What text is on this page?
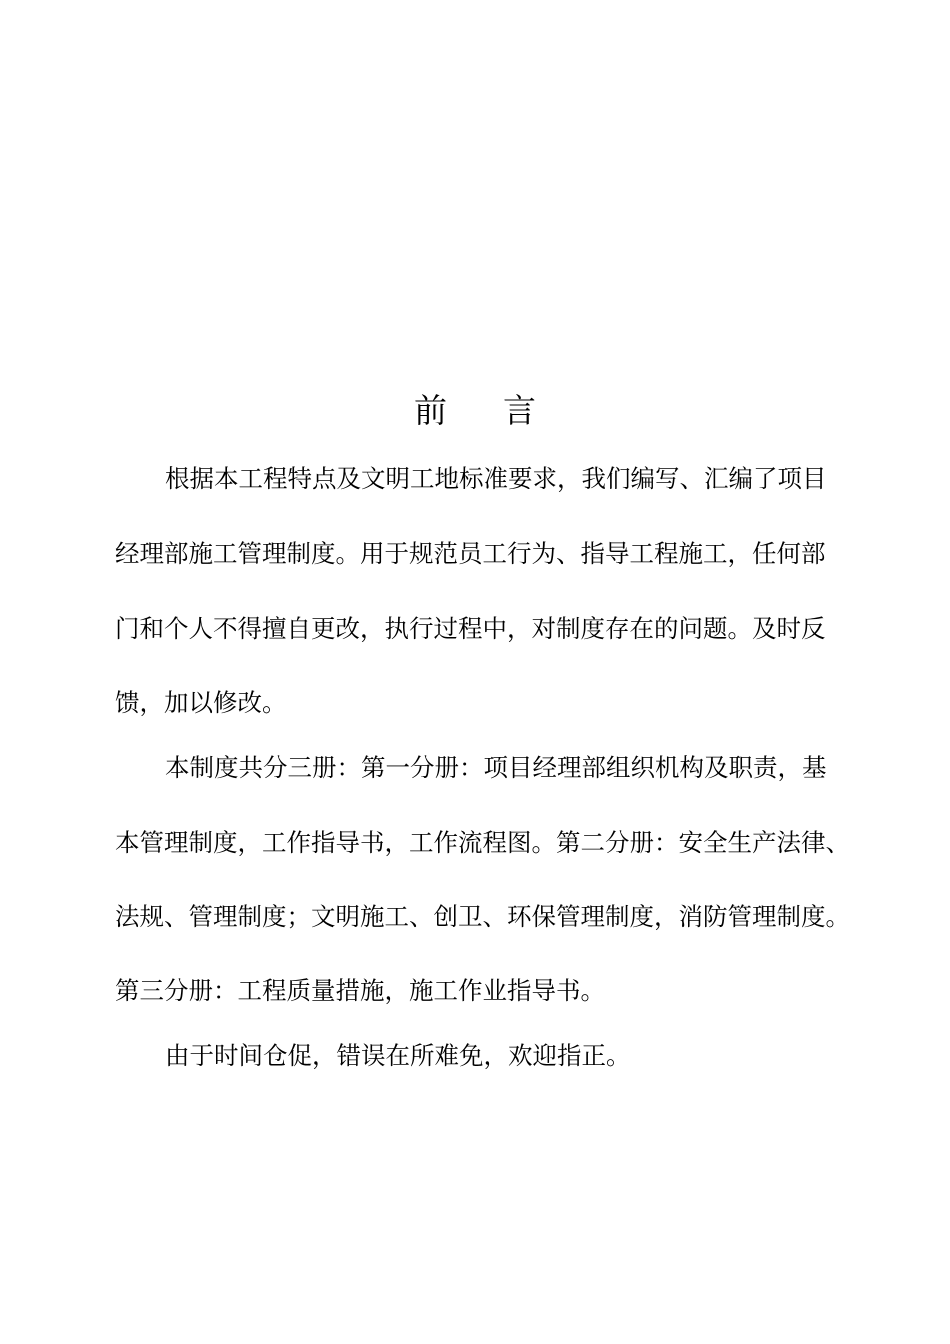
前言
根据本工程特点及文明工地标准要求，我们编写、汇编了项目
经理部施工管理制度。用于规范员工行为、指导工程施工，任何部
门和个人不得擅自更改，执行过程中，对制度存在的问题。及时反
馈，加以修改。
本制度共分三册：第一分册：项目经理部组织机构及职责，基
本管理制度，工作指导书，工作流程图。第二分册：安全生产法律、
法规、管理制度；文明施工、创卫、环保管理制度，消防管理制度。
第三分册：工程质量措施，施工作业指导书。
由于时间仓促，错误在所难免，欢迎指正。
